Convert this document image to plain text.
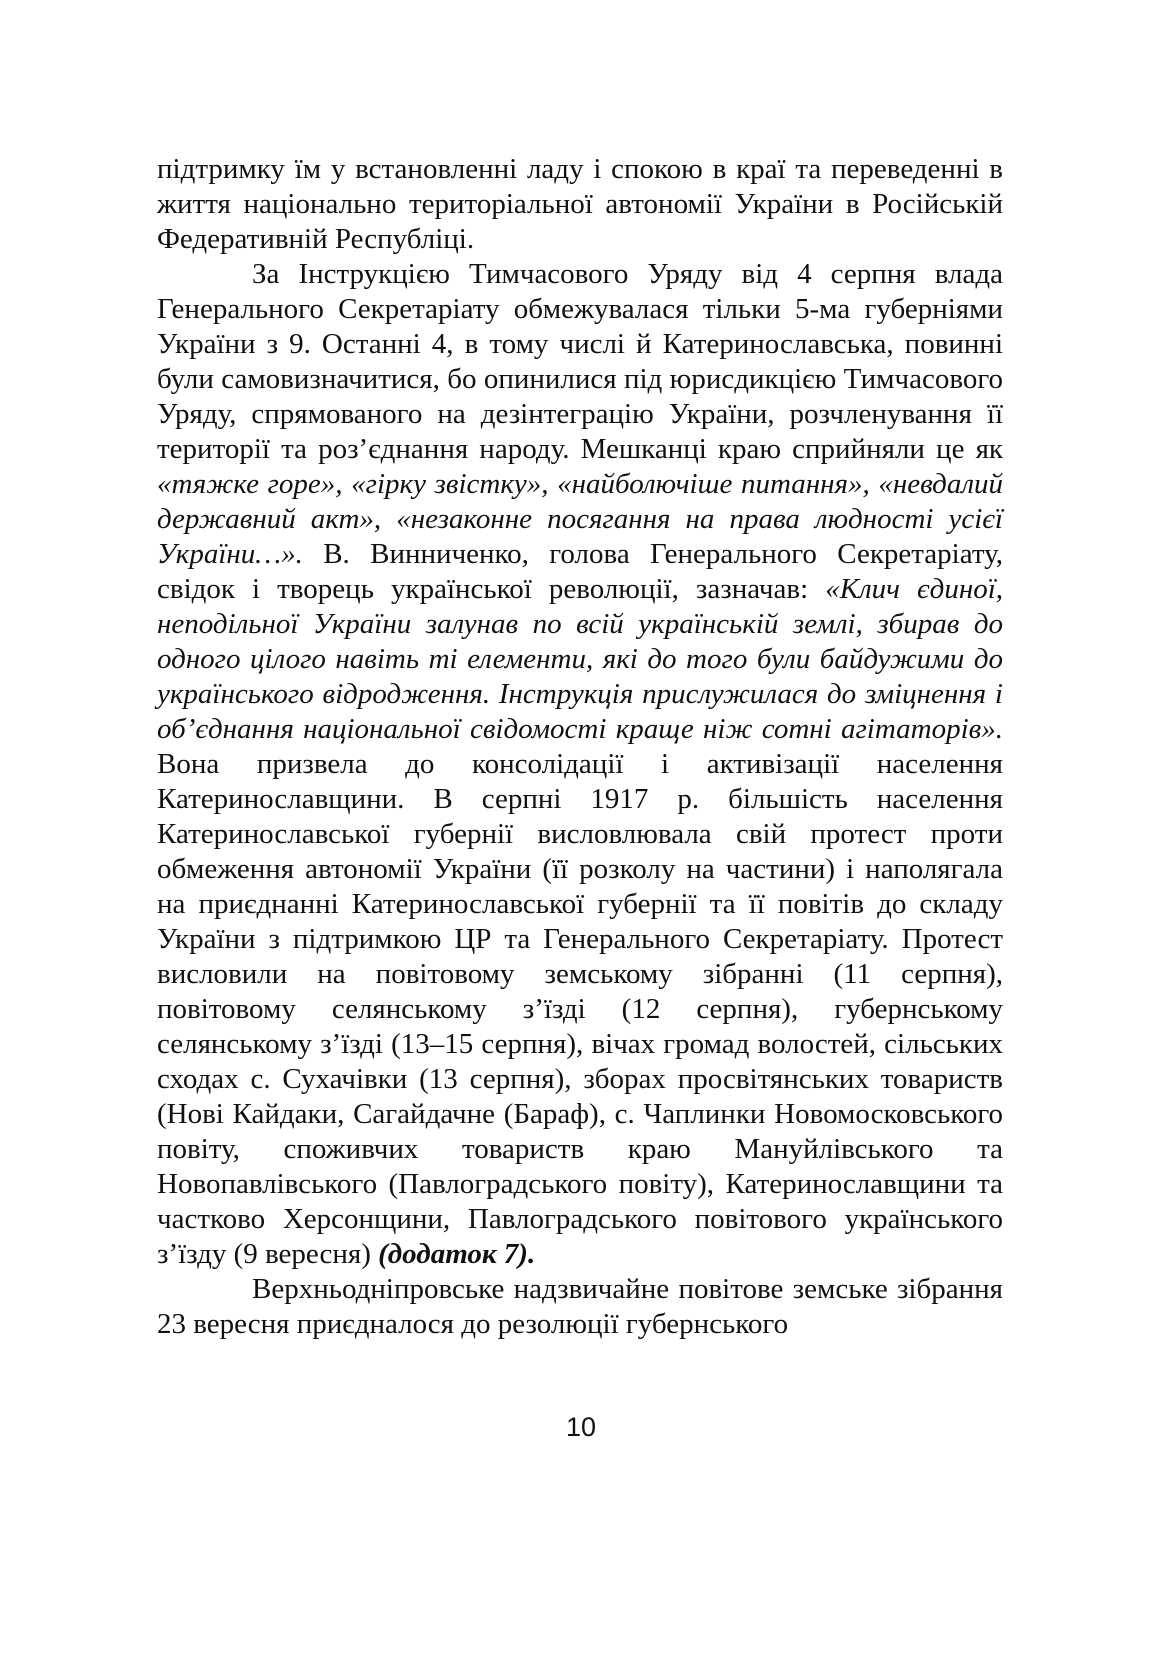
підтримку їм у встановленні ладу і спокою в краї та переведенні в життя національно територіальної автономії України в Російській Федеративній Республіці.

За Інструкцією Тимчасового Уряду від 4 серпня влада Генерального Секретаріату обмежувалася тільки 5-ма губерніями України з 9. Останні 4, в тому числі й Катеринославська, повинні були самовизначитися, бо опинилися під юрисдикцією Тимчасового Уряду, спрямованого на дезінтеграцію України, розчленування її території та роз’єднання народу. Мешканці краю сприйняли це як «тяжке горе», «гірку звістку», «найболючіше питання», «невдалий державний акт», «незаконне посягання на права людності усієї України…». В. Винниченко, голова Генерального Секретаріату, свідок і творець української революції, зазначав: «Клич єдиної, неподільної України залунав по всій українській землі, збирав до одного цілого навіть ті елементи, які до того були байдужими до українського відродження. Інструкція прислужилася до зміцнення і об’єднання національної свідомості краще ніж сотні агітаторів». Вона призвела до консолідації і активізації населення Катеринославщини. В серпні 1917 р. більшість населення Катеринославської губернії висловлювала свій протест проти обмеження автономії України (її розколу на частини) і наполягала на приєднанні Катеринославської губернії та її повітів до складу України з підтримкою ЦР та Генерального Секретаріату. Протест висловили на повітовому земському зібранні (11 серпня), повітовому селянському з’їзді (12 серпня), губернському селянському з’їзді (13–15 серпня), вічах громад волостей, сільських сходах с. Сухачівки (13 серпня), зборах просвітянських товариств (Нові Кайдаки, Сагайдачне (Бараф), с. Чаплинки Новомосковського повіту, споживчих товариств краю Мануйлівського та Новопавлівського (Павлоградського повіту), Катеринославщини та частково Херсонщини, Павлоградського повітового українського з’їзду (9 вересня) (додаток 7).

Верхньодніпровське надзвичайне повітове земське зібрання 23 вересня приєдналося до резолюції губернського

10
